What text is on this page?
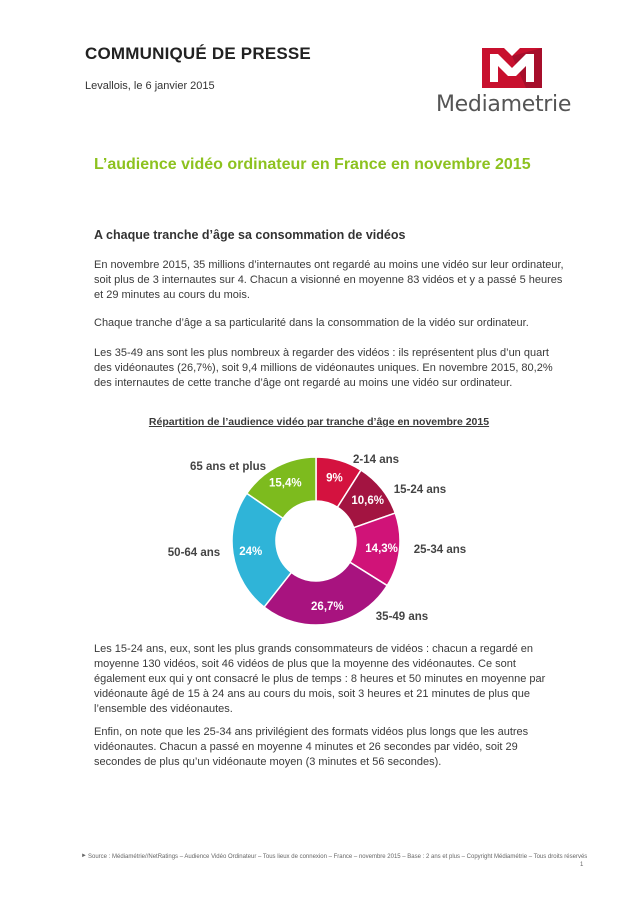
COMMUNIQUÉ DE PRESSE
Levallois, le 6 janvier 2015
Mediametrie
L’audience vidéo ordinateur en France en novembre 2015
A chaque tranche d’âge sa consommation de vidéos
En novembre 2015, 35 millions d’internautes ont regardé au moins une vidéo sur leur ordinateur, soit plus de 3 internautes sur 4. Chacun a visionné en moyenne 83 vidéos et y a passé 5 heures et 29 minutes au cours du mois.
Chaque tranche d’âge a sa particularité dans la consommation de la vidéo sur ordinateur.
Les 35-49 ans sont les plus nombreux à regarder des vidéos : ils représentent plus d’un quart des vidéonautes (26,7%), soit 9,4 millions de vidéonautes uniques. En novembre 2015, 80,2% des internautes de cette tranche d’âge ont regardé au moins une vidéo sur ordinateur.
Répartition de l’audience vidéo par tranche d’âge en novembre 2015
9%
2-14 ans
10,6%
15-24 ans
14,3% 25-34 ans
26,7%
35-49 ans
24%
50-64 ans
15,4%
65 ans et plus
Les 15-24 ans, eux, sont les plus grands consommateurs de vidéos : chacun a regardé en moyenne 130 vidéos, soit 46 vidéos de plus que la moyenne des vidéonautes. Ce sont également eux qui y ont consacré le plus de temps : 8 heures et 50 minutes en moyenne par vidéonaute âgé de 15 à 24 ans au cours du mois, soit 3 heures et 21 minutes de plus que l’ensemble des vidéonautes.
Enfin, on note que les 25-34 ans privilégient des formats vidéos plus longs que les autres vidéonautes. Chacun a passé en moyenne 4 minutes et 26 secondes par vidéo, soit 29 secondes de plus qu’un vidéonaute moyen (3 minutes et 56 secondes).
► Source : Médiamétrie//NetRatings – Audience Vidéo Ordinateur – Tous lieux de connexion – France – novembre 2015 – Base : 2 ans et plus – Copyright Médiamétrie – Tous droits réservés
1
